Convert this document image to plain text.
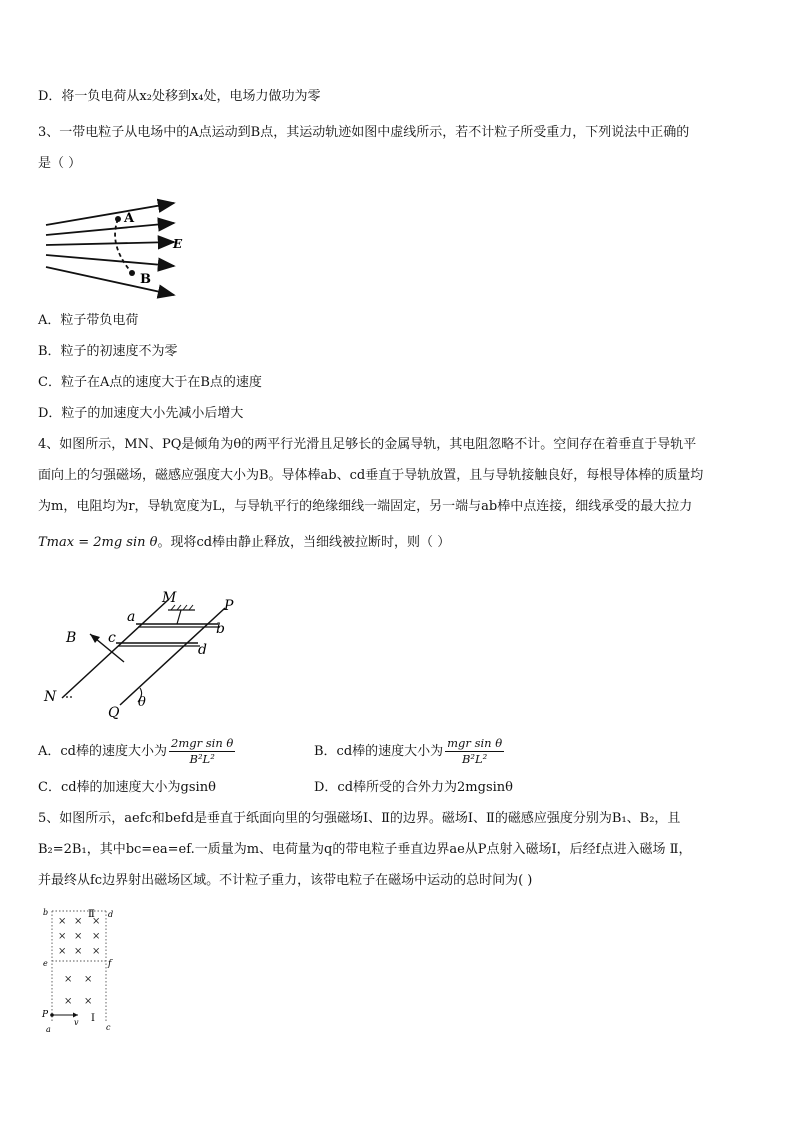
D．将一负电荷从x₂处移到x₄处，电场力做功为零
3、一带电粒子从电场中的A点运动到B点，其运动轨迹如图中虚线所示，若不计粒子所受重力，下列说法中正确的
是（ ）
A
B
E
A．粒子带负电荷
B．粒子的初速度不为零
C．粒子在A点的速度大于在B点的速度
D．粒子的加速度大小先减小后增大
4、如图所示，MN、PQ是倾角为θ的两平行光滑且足够长的金属导轨，其电阻忽略不计。空间存在着垂直于导轨平
面向上的匀强磁场，磁感应强度大小为B。导体棒ab、cd垂直于导轨放置，且与导轨接触良好，每根导体棒的质量均
为m，电阻均为r，导轨宽度为L，与导轨平行的绝缘细线一端固定，另一端与ab棒中点连接，细线承受的最大拉力
Tmax = 2mg sin θ。现将cd棒由静止释放，当细线被拉断时，则（ ）
M	P
a
b
c
d
B
N
Q
θ
A．cd棒的速度大小为 $\frac{\text{2mgr sin θ}}{\text{B²L²}}$	B．cd棒的速度大小为 $\frac{\text{mgr sin θ}}{\text{B²L²}}$
C．cd棒的加速度大小为gsinθ	D．cd棒所受的合外力为2mgsinθ
5、如图所示，aefc和befd是垂直于纸面向里的匀强磁场Ⅰ、Ⅱ的边界。磁场Ⅰ、Ⅱ的磁感应强度分别为B₁、B₂，且
B₂=2B₁，其中bc=ea=ef.一质量为m、电荷量为q的带电粒子垂直边界ae从P点射入磁场Ⅰ，后经f点进入磁场 Ⅱ，
并最终从fc边界射出磁场区域。不计粒子重力，该带电粒子在磁场中运动的总时间为( )
× × ×
× × ×
× × ×
× ×
× ×
b	d
Ⅱ
e	f
P	Ⅰ
v
a	c
